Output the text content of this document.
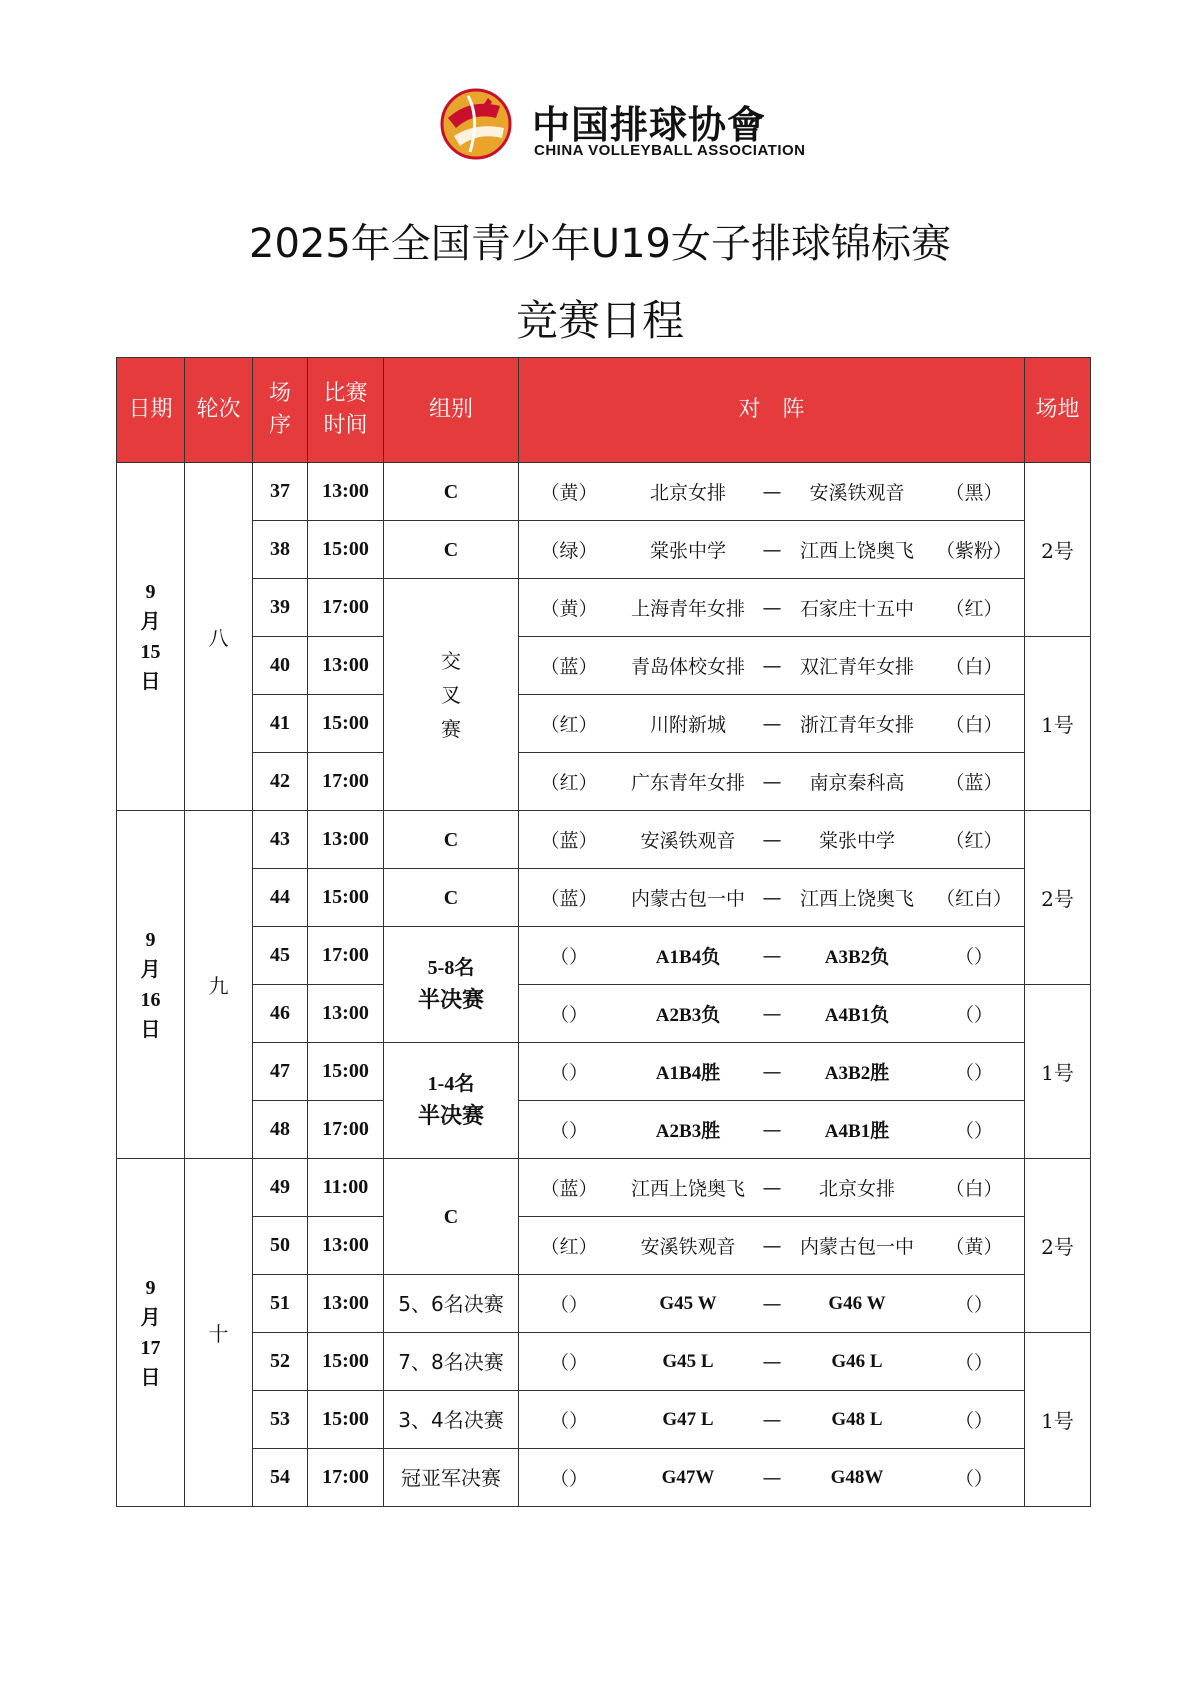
中国排球协會
CHINA VOLLEYBALL ASSOCIATION
2025年全国青少年U19女子排球锦标赛
竞赛日程
日期	轮次	场
序	比赛
时间	组别	对　阵	场地
9
月
15
日	八	37	13:00	C	（黄） 北京女排 — 安溪铁观音 （黑）	2号
		38	15:00	C	（绿） 棠张中学 — 江西上饶奥飞 （紫粉）	

		39	17:00	交
叉
赛	（黄） 上海青年女排 — 石家庄十五中 （红）	

		40	13:00		（蓝） 青岛体校女排 — 双汇青年女排 （白）	1号
		41	15:00		（红） 川附新城 — 浙江青年女排 （白）	

		42	17:00		（红） 广东青年女排 — 南京秦科高 （蓝）	

9
月
16
日	九	43	13:00	C	（蓝） 安溪铁观音 — 棠张中学 （红）	2号
		44	15:00	C	（蓝） 内蒙古包一中 — 江西上饶奥飞 （红白）	

		45	17:00	5-8名
半决赛	（） A1B4负 — A3B2负 （）	

		46	13:00		（） A2B3负 — A4B1负 （）	1号
		47	15:00	1-4名
半决赛	（） A1B4胜 — A3B2胜 （）	

		48	17:00		（） A2B3胜 — A4B1胜 （）	

9
月
17
日	十	49	11:00	C	（蓝） 江西上饶奥飞 — 北京女排 （白）	2号
		50	13:00		（红） 安溪铁观音 — 内蒙古包一中 （黄）	

		51	13:00	5、6名决赛	（） G45 W — G46 W （）	

		52	15:00	7、8名决赛	（） G45 L — G46 L （）	1号
		53	15:00	3、4名决赛	（） G47 L — G48 L （）	

		54	17:00	冠亚军决赛	（） G47W — G48W （）	
